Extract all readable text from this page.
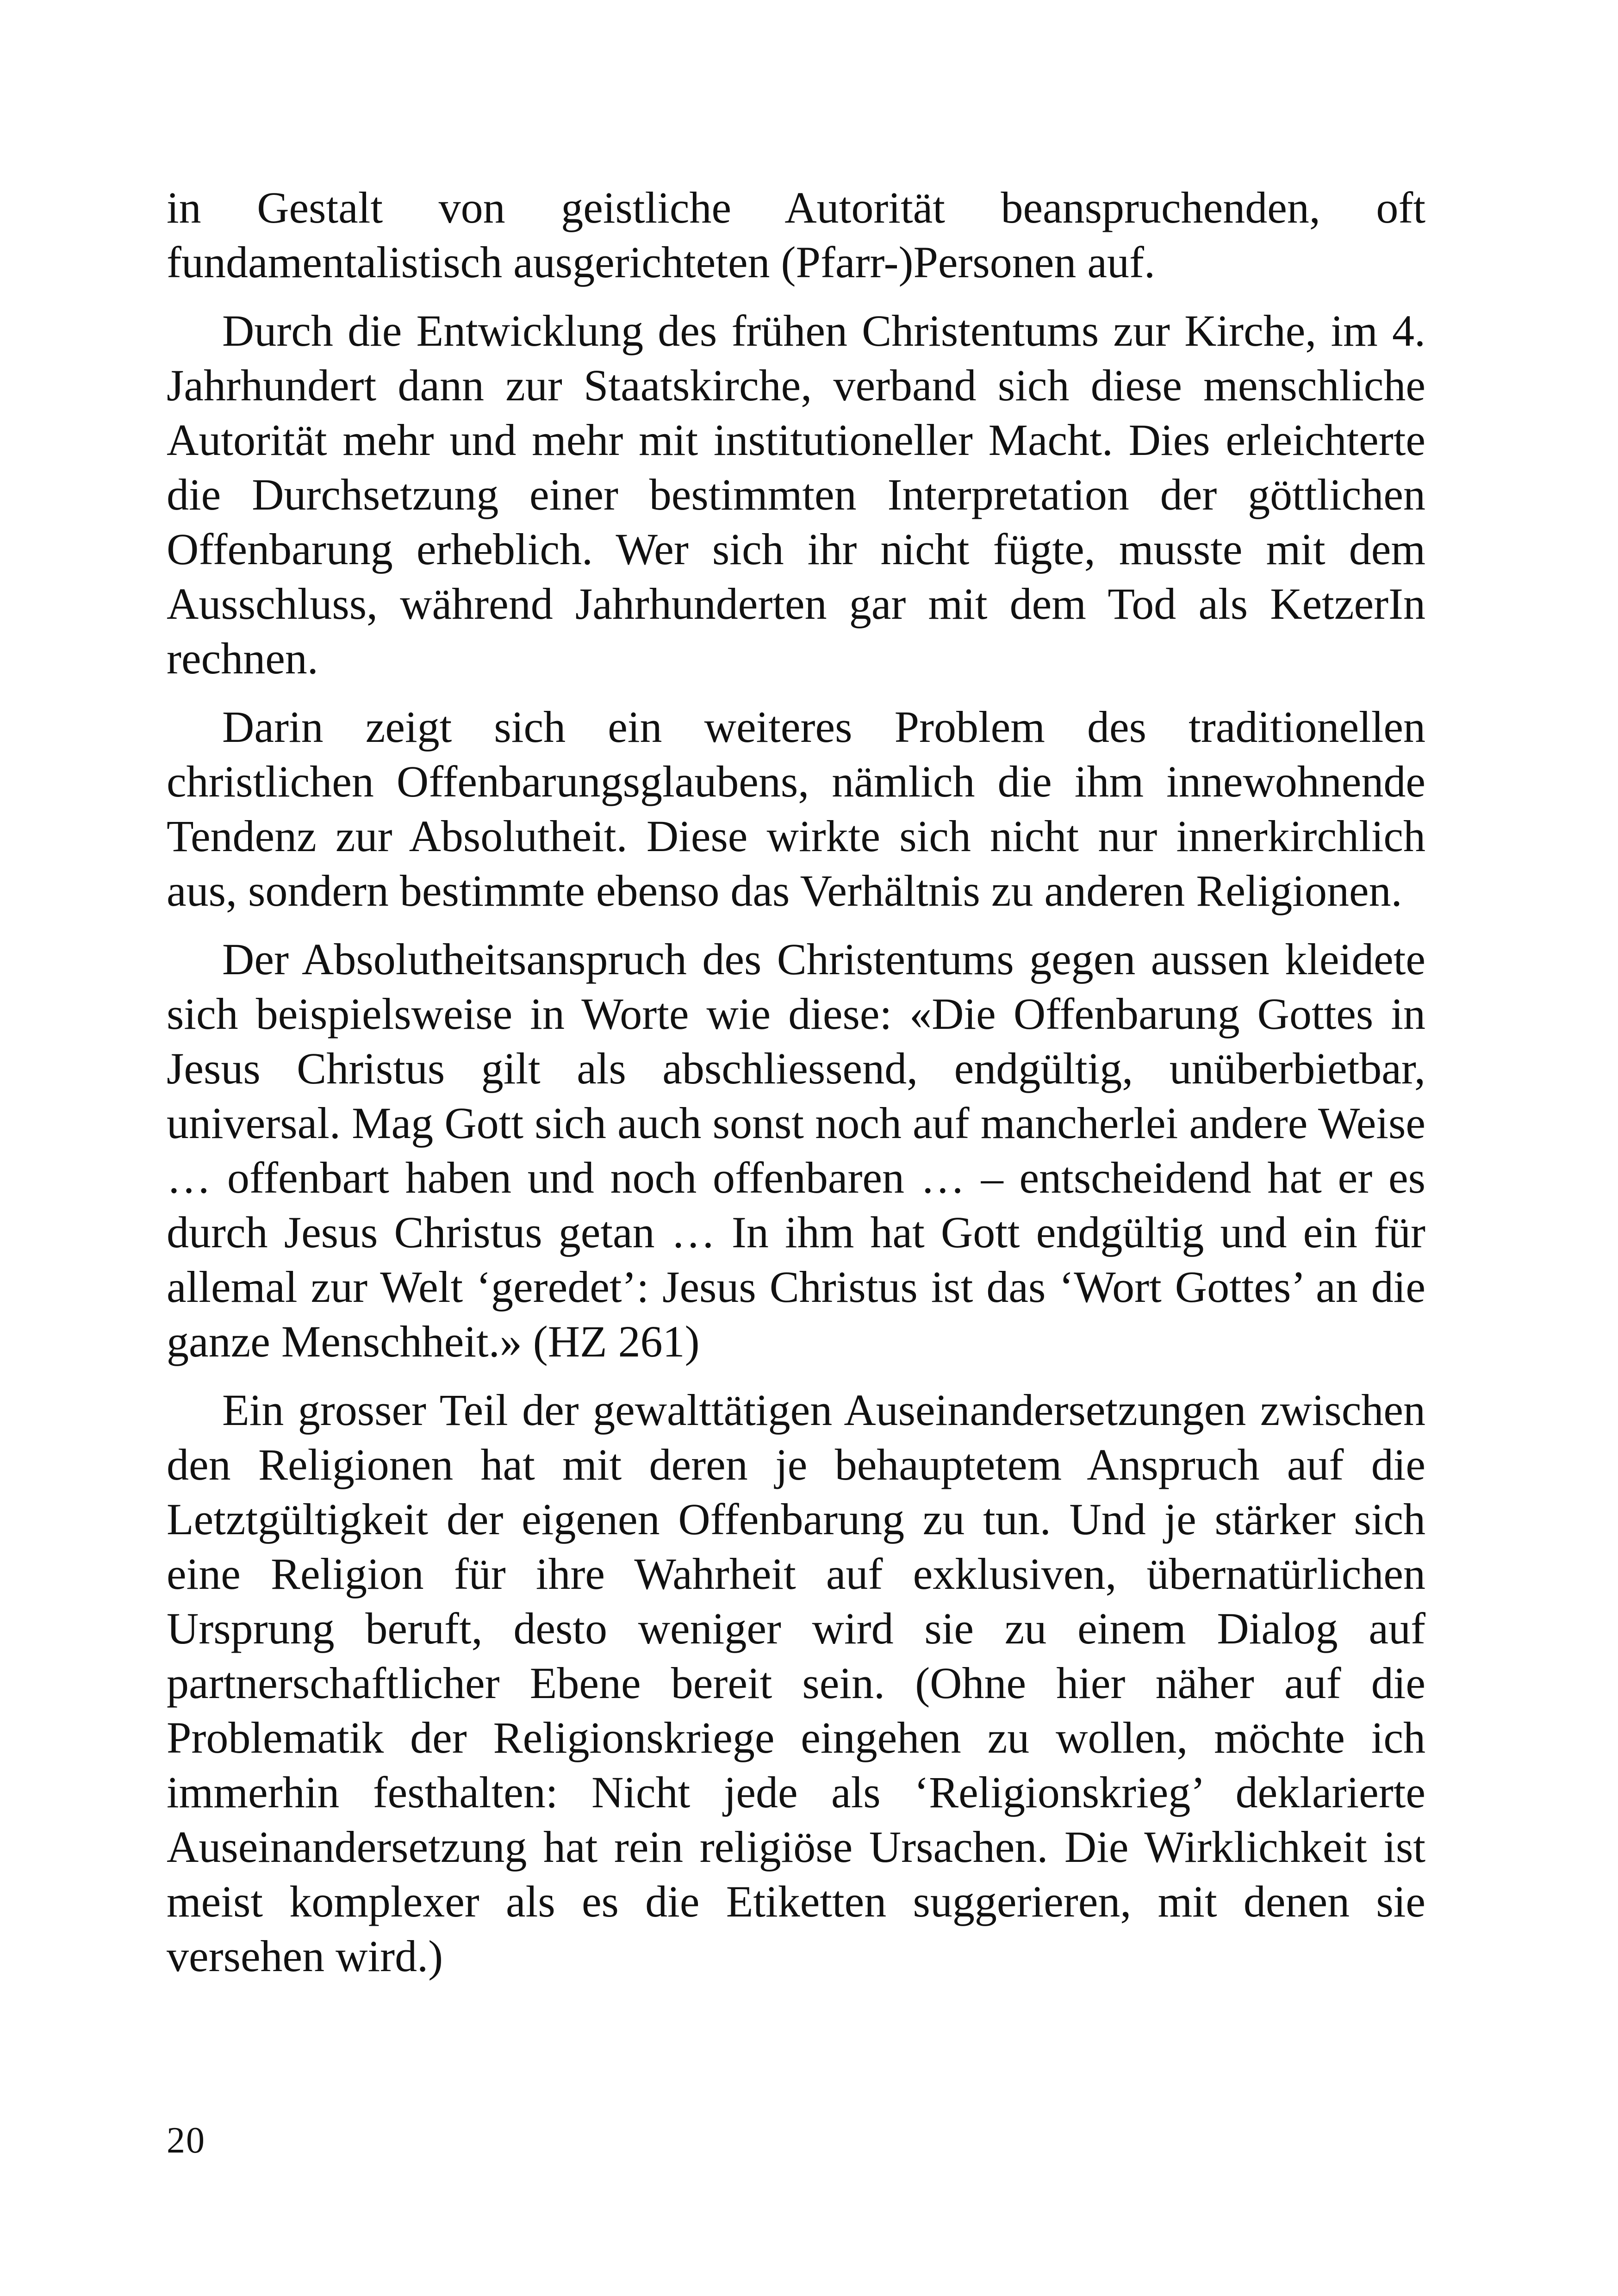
in Gestalt von geistliche Autorität beanspruchenden, oft fundamentalistisch ausgerichteten (Pfarr-)Personen auf.

Durch die Entwicklung des frühen Christentums zur Kirche, im 4. Jahrhundert dann zur Staatskirche, verband sich diese menschliche Autorität mehr und mehr mit institutioneller Macht. Dies erleichterte die Durchsetzung einer bestimmten Interpretation der göttlichen Offenbarung erheblich. Wer sich ihr nicht fügte, musste mit dem Ausschluss, während Jahrhunderten gar mit dem Tod als KetzerIn rechnen.

Darin zeigt sich ein weiteres Problem des traditionellen christlichen Offenbarungsglaubens, nämlich die ihm innewohnende Tendenz zur Absolutheit. Diese wirkte sich nicht nur innerkirchlich aus, sondern bestimmte ebenso das Verhältnis zu anderen Religionen.

Der Absolutheitsanspruch des Christentums gegen aussen kleidete sich beispielsweise in Worte wie diese: «Die Offenbarung Gottes in Jesus Christus gilt als abschliessend, endgültig, unüberbietbar, universal. Mag Gott sich auch sonst noch auf mancherlei andere Weise … offenbart haben und noch offenbaren … – entscheidend hat er es durch Jesus Christus getan … In ihm hat Gott endgültig und ein für allemal zur Welt ‘geredet’: Jesus Christus ist das ‘Wort Gottes’ an die ganze Menschheit.» (HZ 261)

Ein grosser Teil der gewalttätigen Auseinandersetzungen zwischen den Religionen hat mit deren je behauptetem Anspruch auf die Letztgültigkeit der eigenen Offenbarung zu tun. Und je stärker sich eine Religion für ihre Wahrheit auf exklusiven, übernatürlichen Ursprung beruft, desto weniger wird sie zu einem Dialog auf partnerschaftlicher Ebene bereit sein. (Ohne hier näher auf die Problematik der Religionskriege eingehen zu wollen, möchte ich immerhin festhalten: Nicht jede als ‘Religionskrieg’ deklarierte Auseinandersetzung hat rein religiöse Ursachen. Die Wirklichkeit ist meist komplexer als es die Etiketten suggerieren, mit denen sie versehen wird.)

20
